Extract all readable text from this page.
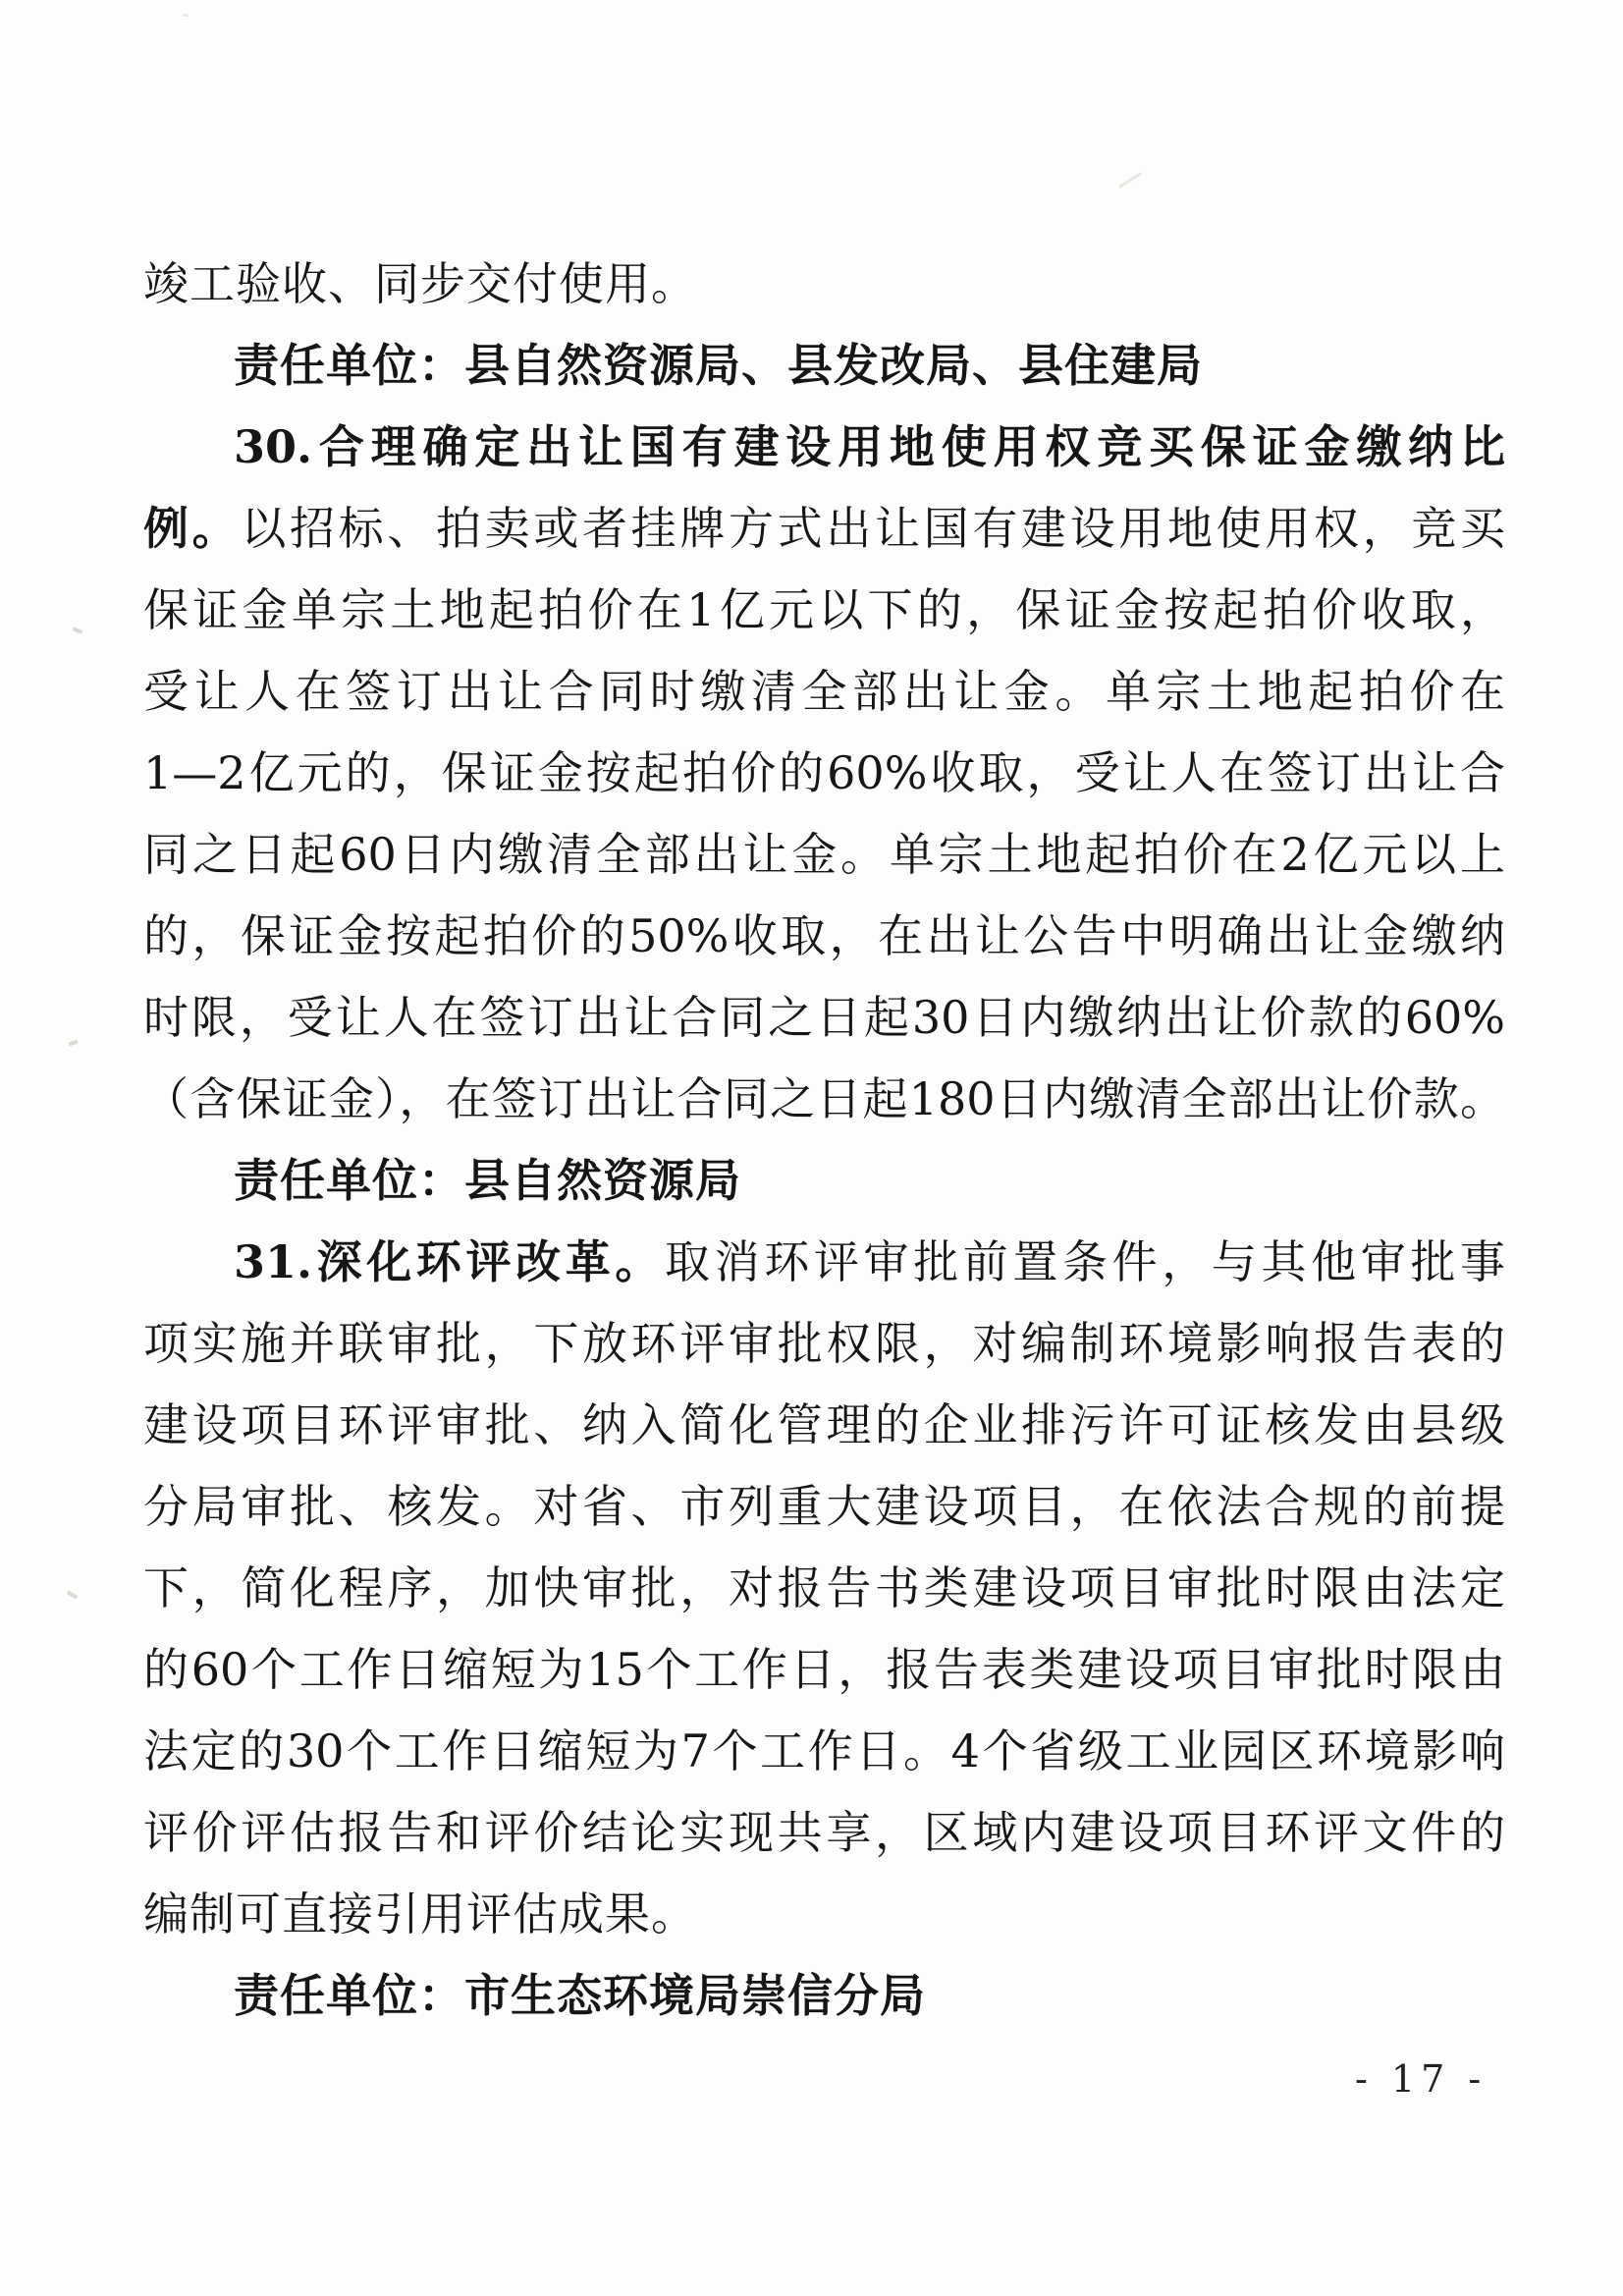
竣工验收、同步交付使用。
责任单位：县自然资源局、县发改局、县住建局
30.合理确定出让国有建设用地使用权竞买保证金缴纳比
例。以招标、拍卖或者挂牌方式出让国有建设用地使用权，竞买
保证金单宗土地起拍价在1亿元以下的，保证金按起拍价收取，
受让人在签订出让合同时缴清全部出让金。单宗土地起拍价在
1—2亿元的，保证金按起拍价的60%收取，受让人在签订出让合
同之日起60日内缴清全部出让金。单宗土地起拍价在2亿元以上
的，保证金按起拍价的50%收取，在出让公告中明确出让金缴纳
时限，受让人在签订出让合同之日起30日内缴纳出让价款的60%
（含保证金），在签订出让合同之日起180日内缴清全部出让价款。
责任单位：县自然资源局
31.深化环评改革。取消环评审批前置条件，与其他审批事
项实施并联审批，下放环评审批权限，对编制环境影响报告表的
建设项目环评审批、纳入简化管理的企业排污许可证核发由县级
分局审批、核发。对省、市列重大建设项目，在依法合规的前提
下，简化程序，加快审批，对报告书类建设项目审批时限由法定
的60个工作日缩短为15个工作日，报告表类建设项目审批时限由
法定的30个工作日缩短为7个工作日。4个省级工业园区环境影响
评价评估报告和评价结论实现共享，区域内建设项目环评文件的
编制可直接引用评估成果。
责任单位：市生态环境局崇信分局
- 17 -
